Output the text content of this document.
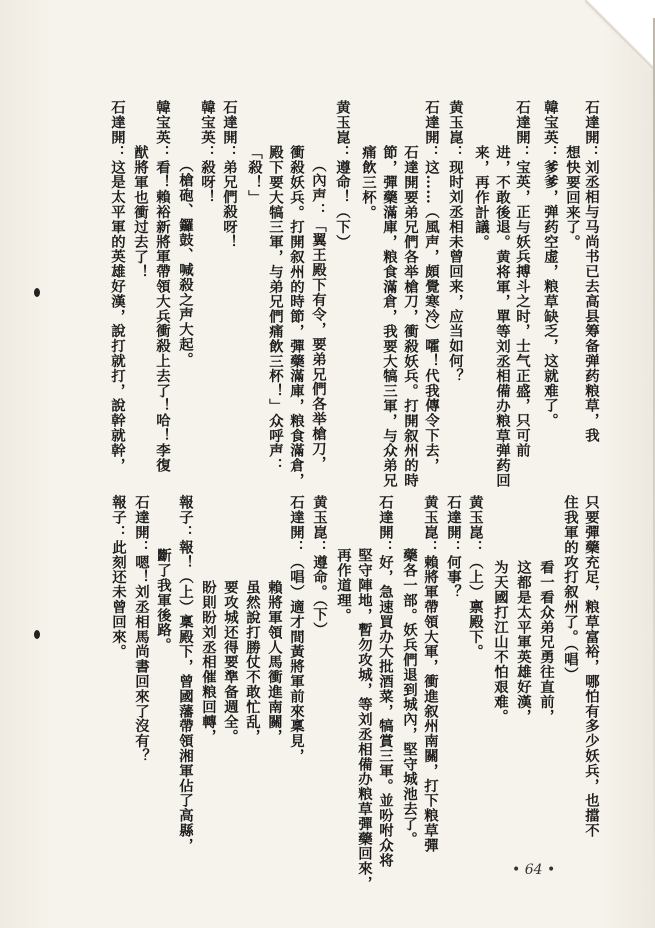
石達開：刘丞相与马尚书已去高县筹备弹药粮草，我
想快要回来了。
韓宝英：爹爹，弹药空虚，粮草缺乏，这就难了。
石達開：宝英，正与妖兵搏斗之时，士气正盛，只可前
进，不敢後退。黄将軍，單等刘丞相備办粮草弹药回
来，再作計議。
黄玉崑：现时刘丞相未曾回来，应当如何？
石達開：这……（風声，頗覺寒冷）嚯！代我傳令下去，
石達開要弟兄們各举槍刀，衝殺妖兵。打開叙州的時
節，彈藥滿庫，粮食滿倉，我要大犒三軍，与众弟兄
痛飲三杯。
黄玉崑：遵命！（下）
（內声：「翼王殿下有令，要弟兄們各举槍刀，
衝殺妖兵。打開叙州的時節，彈藥滿庫，粮食滿倉，
殿下要大犒三軍，与弟兄們痛飲三杯！」众呼声：
「殺！」
石達開：弟兄們殺呀！
韓宝英：殺呀！
（槍砲、鑼鼓、喊殺之声大起。
韓宝英：看！賴裕新將軍帶領大兵衝殺上去了！哈！李復
猷將軍也衝过去了！
石達開：这是太平軍的英雄好漢，說打就打，說幹就幹，
只要彈藥充足，粮草富裕，哪怕有多少妖兵，也擋不
住我軍的攻打叙州了。（唱）
看一看众弟兄勇往直前，
这都是太平軍英雄好漢，
为天國打江山不怕艰难。
黄玉崑：（上）禀殿下。
石達開：何事？
黄玉崑：賴將軍帶領大軍，衝進叙州南關，打下粮草彈
藥各一部。妖兵們退到城內，堅守城池去了。
石達開：好，急速買办大批酒菜，犒賞三軍。並吩咐众将
堅守陣地，暫勿攻城，等刘丞相備办粮草彈藥回來，
再作道理。
黄玉崑：遵命。（下）
石達開：（唱）適才間黃將軍前來稟見，
賴將軍領人馬衝進南關，
虽然說打勝仗不敢忙乱，
要攻城还得要準备週全。
盼則盼刘丞相催粮回轉，
報子：報！（上）稟殿下，曾國藩帶領湘軍佔了高縣，
斷了我軍後路。
石達開：嗯！刘丞相馬尚書回來了沒有？
報子：此刻还未曾回來。
• 64 •
